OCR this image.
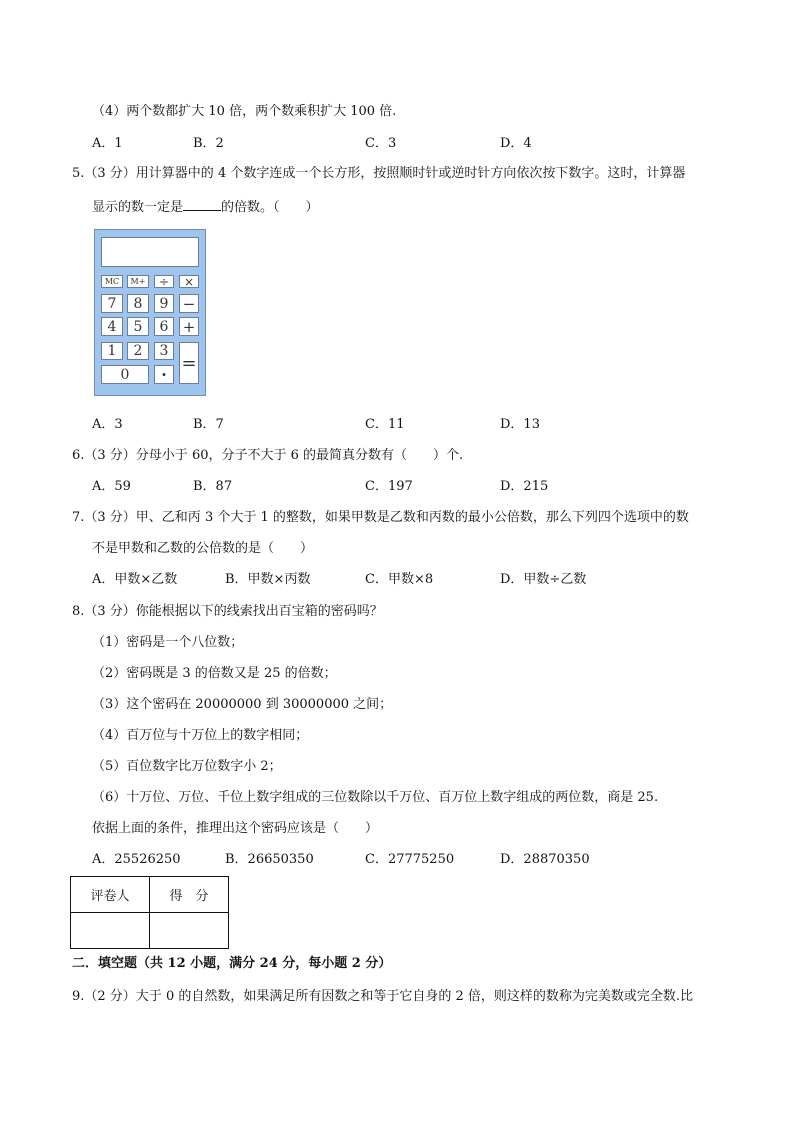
（4）两个数都扩大 10 倍，两个数乘积扩大 100 倍.
A．1	B．2	C．3	D．4
5.（3 分）用计算器中的 4 个数字连成一个长方形，按照顺时针或逆时针方向依次按下数字。这时，计算器
显示的数一定是	的倍数。（　　）
MC	M+	÷	×
7	8	9 −
4	5	6 +
1	2	3
=
0	·
A．3	B．7	C．11	D．13
6.（3 分）分母小于 60，分子不大于 6 的最简真分数有（　　）个.
A．59	B．87	C．197	D．215
7.（3 分）甲、乙和丙 3 个大于 1 的整数，如果甲数是乙数和丙数的最小公倍数，那么下列四个选项中的数
不是甲数和乙数的公倍数的是（　　）
A．甲数×乙数	B．甲数×丙数	C．甲数×8	D．甲数÷乙数
8.（3 分）你能根据以下的线索找出百宝箱的密码吗？
（1）密码是一个八位数；
（2）密码既是 3 的倍数又是 25 的倍数；
（3）这个密码在 20000000 到 30000000 之间；
（4）百万位与十万位上的数字相同；
（5）百位数字比万位数字小 2；
（6）十万位、万位、千位上数字组成的三位数除以千万位、百万位上数字组成的两位数，商是 25.
依据上面的条件，推理出这个密码应该是（　　）
A．25526250	B．26650350	C．27775250	D．28870350
评卷人	得　分

二．填空题（共 12 小题，满分 24 分，每小题 2 分）
9.（2 分）大于 0 的自然数，如果满足所有因数之和等于它自身的 2 倍，则这样的数称为完美数或完全数.比
